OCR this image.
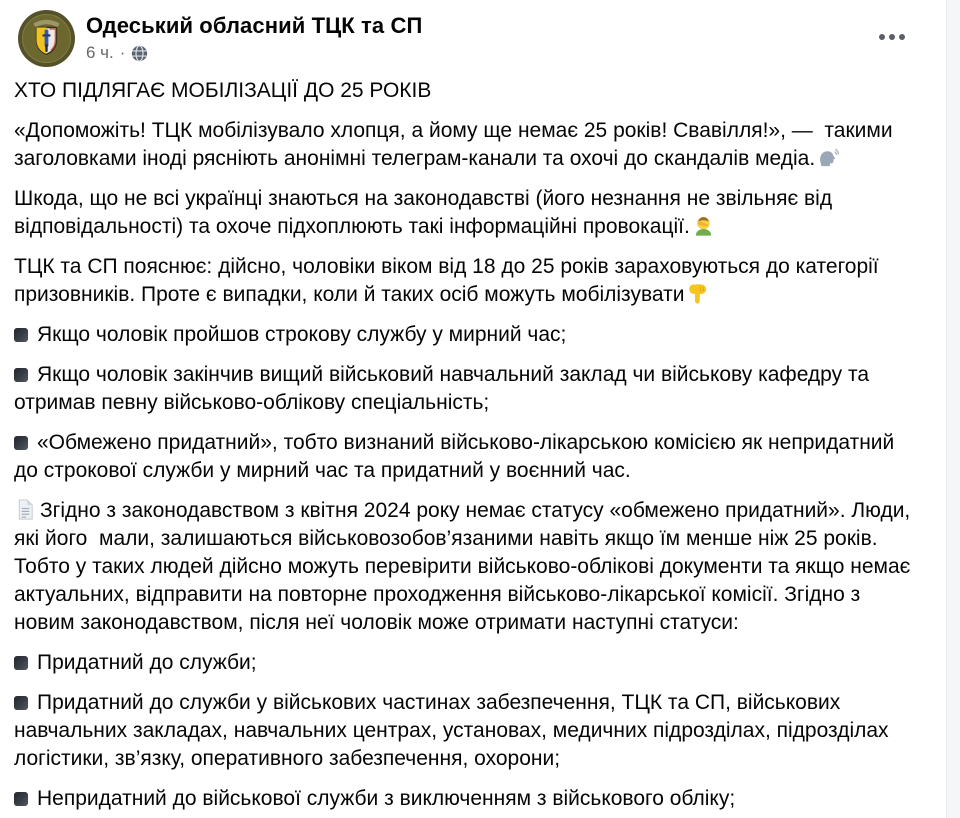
Одеський обласний ТЦК та СП
6 ч. ·

ХТО ПІДЛЯГАЄ МОБІЛІЗАЦІЇ ДО 25 РОКІВ

«Допоможіть! ТЦК мобілізувало хлопця, а йому ще немає 25 років! Свавілля!», —  такими заголовками іноді рясніють анонімні телеграм-канали та охочі до скандалів медіа.

Шкода, що не всі українці знаються на законодавстві (його незнання не звільняє від відповідальності) та охоче підхоплюють такі інформаційні провокації.

ТЦК та СП пояснює: дійсно, чоловіки віком від 18 до 25 років зараховуються до категорії призовників. Проте є випадки, коли й таких осіб можуть мобілізувати

Якщо чоловік пройшов строкову службу у мирний час;

Якщо чоловік закінчив вищий військовий навчальний заклад чи військову кафедру та отримав певну військово-облікову спеціальність;

«Обмежено придатний», тобто визнаний військово-лікарською комісією як непридатний до строкової служби у мирний час та придатний у воєнний час.

Згідно з законодавством з квітня 2024 року немає статусу «обмежено придатний». Люди, які його  мали, залишаються військовозобов’язаними навіть якщо їм менше ніж 25 років. Тобто у таких людей дійсно можуть перевірити військово-облікові документи та якщо немає актуальних, відправити на повторне проходження військово-лікарської комісії. Згідно з новим законодавством, після неї чоловік може отримати наступні статуси:

Придатний до служби;

Придатний до служби у військових частинах забезпечення, ТЦК та СП, військових навчальних закладах, навчальних центрах, установах, медичних підрозділах, підрозділах логістики, зв’язку, оперативного забезпечення, охорони;

Непридатний до військової служби з виключенням з військового обліку;
